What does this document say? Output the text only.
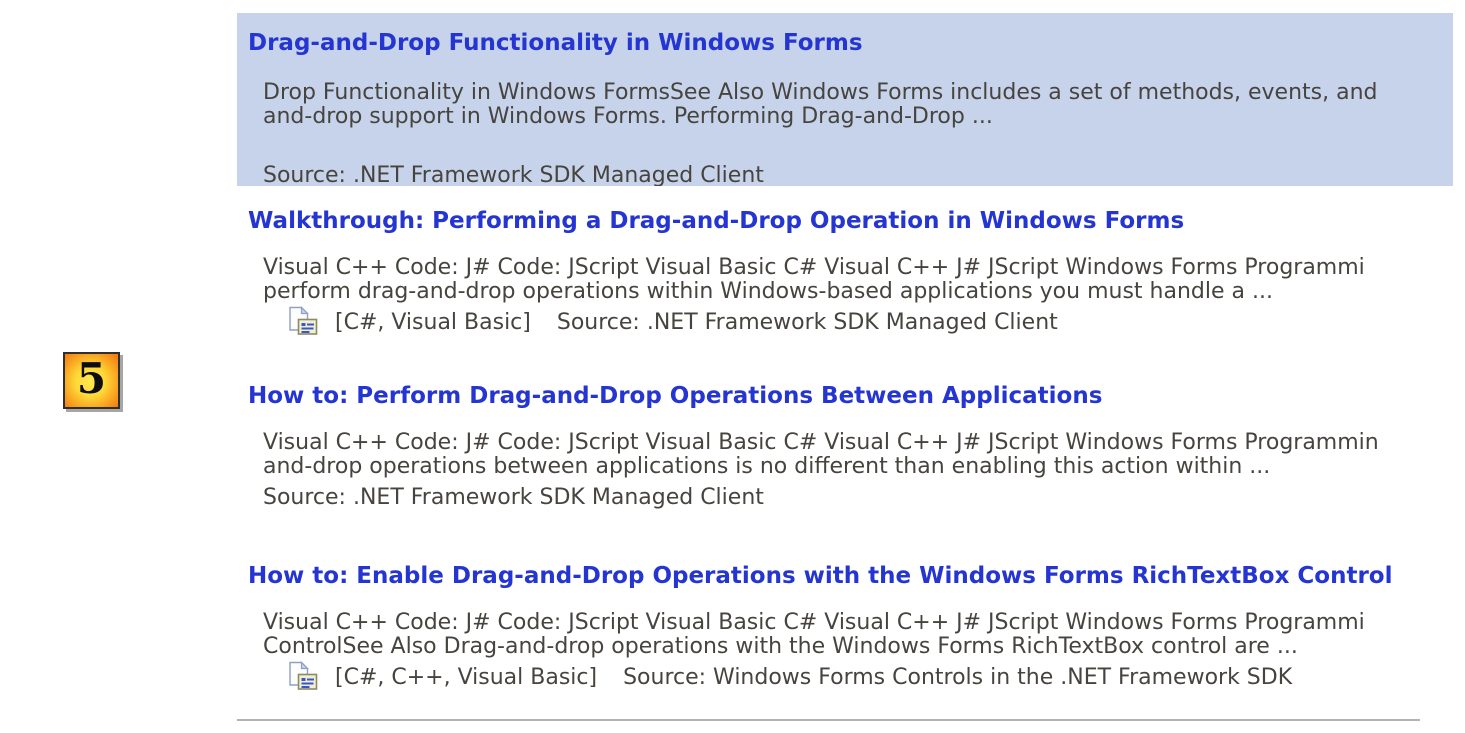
5
Drag-and-Drop Functionality in Windows Forms
Drop Functionality in Windows FormsSee Also Windows Forms includes a set of methods, events, and
and-drop support in Windows Forms. Performing Drag-and-Drop ...
Source: .NET Framework SDK Managed Client
Walkthrough: Performing a Drag-and-Drop Operation in Windows Forms
Visual C++ Code: J# Code: JScript Visual Basic C# Visual C++ J# JScript Windows Forms Programmi
perform drag-and-drop operations within Windows-based applications you must handle a ...
[C#, Visual Basic] Source: .NET Framework SDK Managed Client
How to: Perform Drag-and-Drop Operations Between Applications
Visual C++ Code: J# Code: JScript Visual Basic C# Visual C++ J# JScript Windows Forms Programmin
and-drop operations between applications is no different than enabling this action within ...
Source: .NET Framework SDK Managed Client
How to: Enable Drag-and-Drop Operations with the Windows Forms RichTextBox Control
Visual C++ Code: J# Code: JScript Visual Basic C# Visual C++ J# JScript Windows Forms Programmi
ControlSee Also Drag-and-drop operations with the Windows Forms RichTextBox control are ...
[C#, C++, Visual Basic] Source: Windows Forms Controls in the .NET Framework SDK
